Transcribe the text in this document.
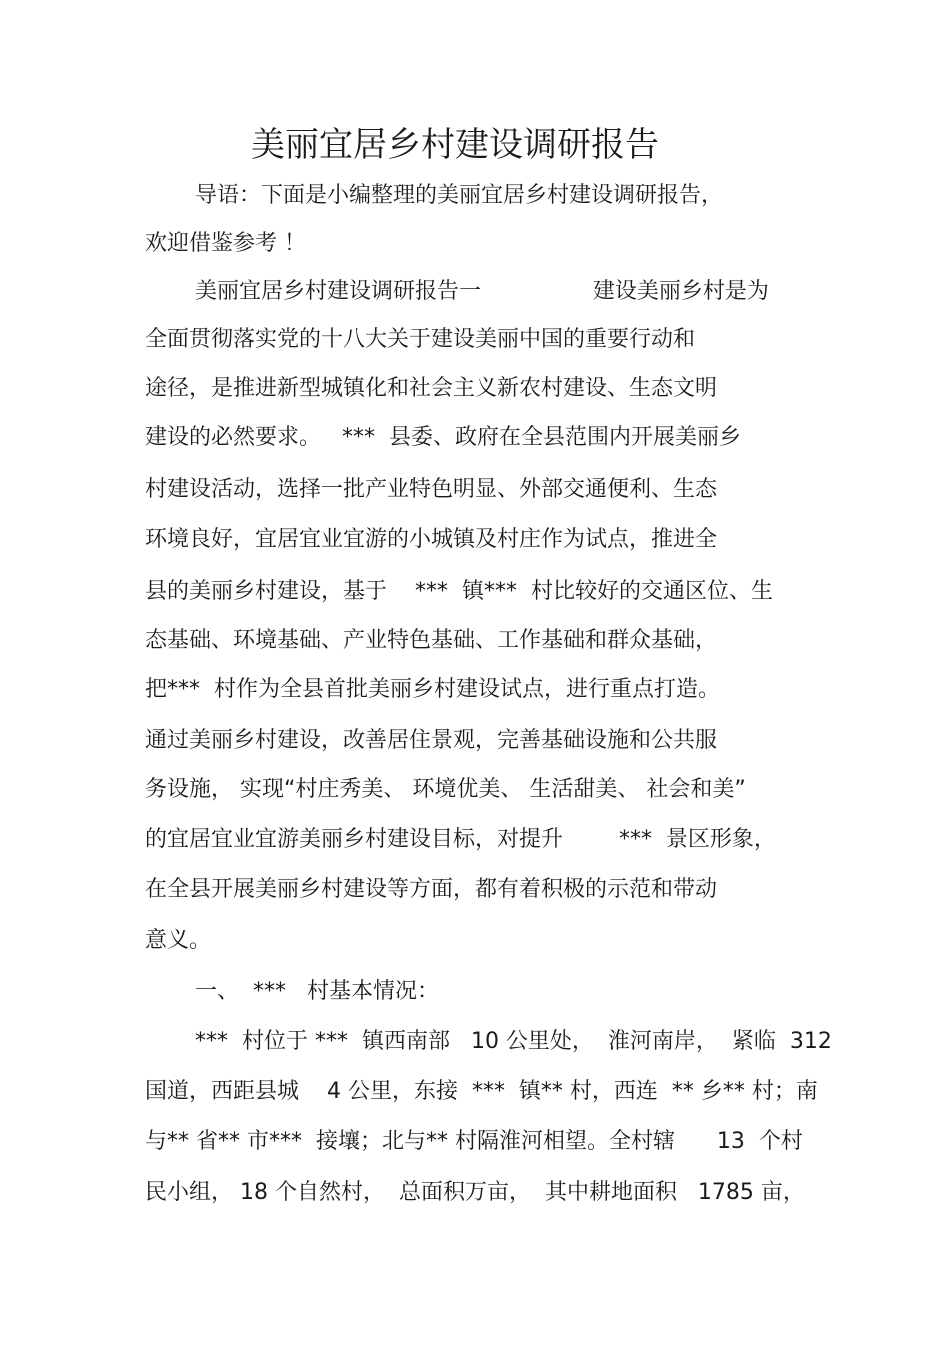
美丽宜居乡村建设调研报告
导语：下面是小编整理的美丽宜居乡村建设调研报告，
欢迎借鉴参考 ！
美丽宜居乡村建设调研报告一                建设美丽乡村是为
全面贯彻落实党的十八大关于建设美丽中国的重要行动和
途径，是推进新型城镇化和社会主义新农村建设、生态文明
建设的必然要求。   ***  县委、政府在全县范围内开展美丽乡
村建设活动，选择一批产业特色明显、外部交通便利、生态
环境良好，宜居宜业宜游的小城镇及村庄作为试点，推进全
县的美丽乡村建设，基于    ***  镇***  村比较好的交通区位、生
态基础、环境基础、产业特色基础、工作基础和群众基础，
把***  村作为全县首批美丽乡村建设试点，进行重点打造。
通过美丽乡村建设，改善居住景观，完善基础设施和公共服
务设施， 实现“村庄秀美、 环境优美、 生活甜美、 社会和美”
的宜居宜业宜游美丽乡村建设目标，对提升        ***  景区形象，
在全县开展美丽乡村建设等方面，都有着积极的示范和带动
意义。
一、  ***   村基本情况：
***  村位于 ***  镇西南部   10 公里处，  淮河南岸，  紧临  312
国道，西距县城    4 公里，东接  ***  镇** 村，西连  ** 乡** 村；南
与** 省** 市***  接壤；北与** 村隔淮河相望。全村辖      13  个村
民小组， 18 个自然村，  总面积万亩，  其中耕地面积   1785 亩，
